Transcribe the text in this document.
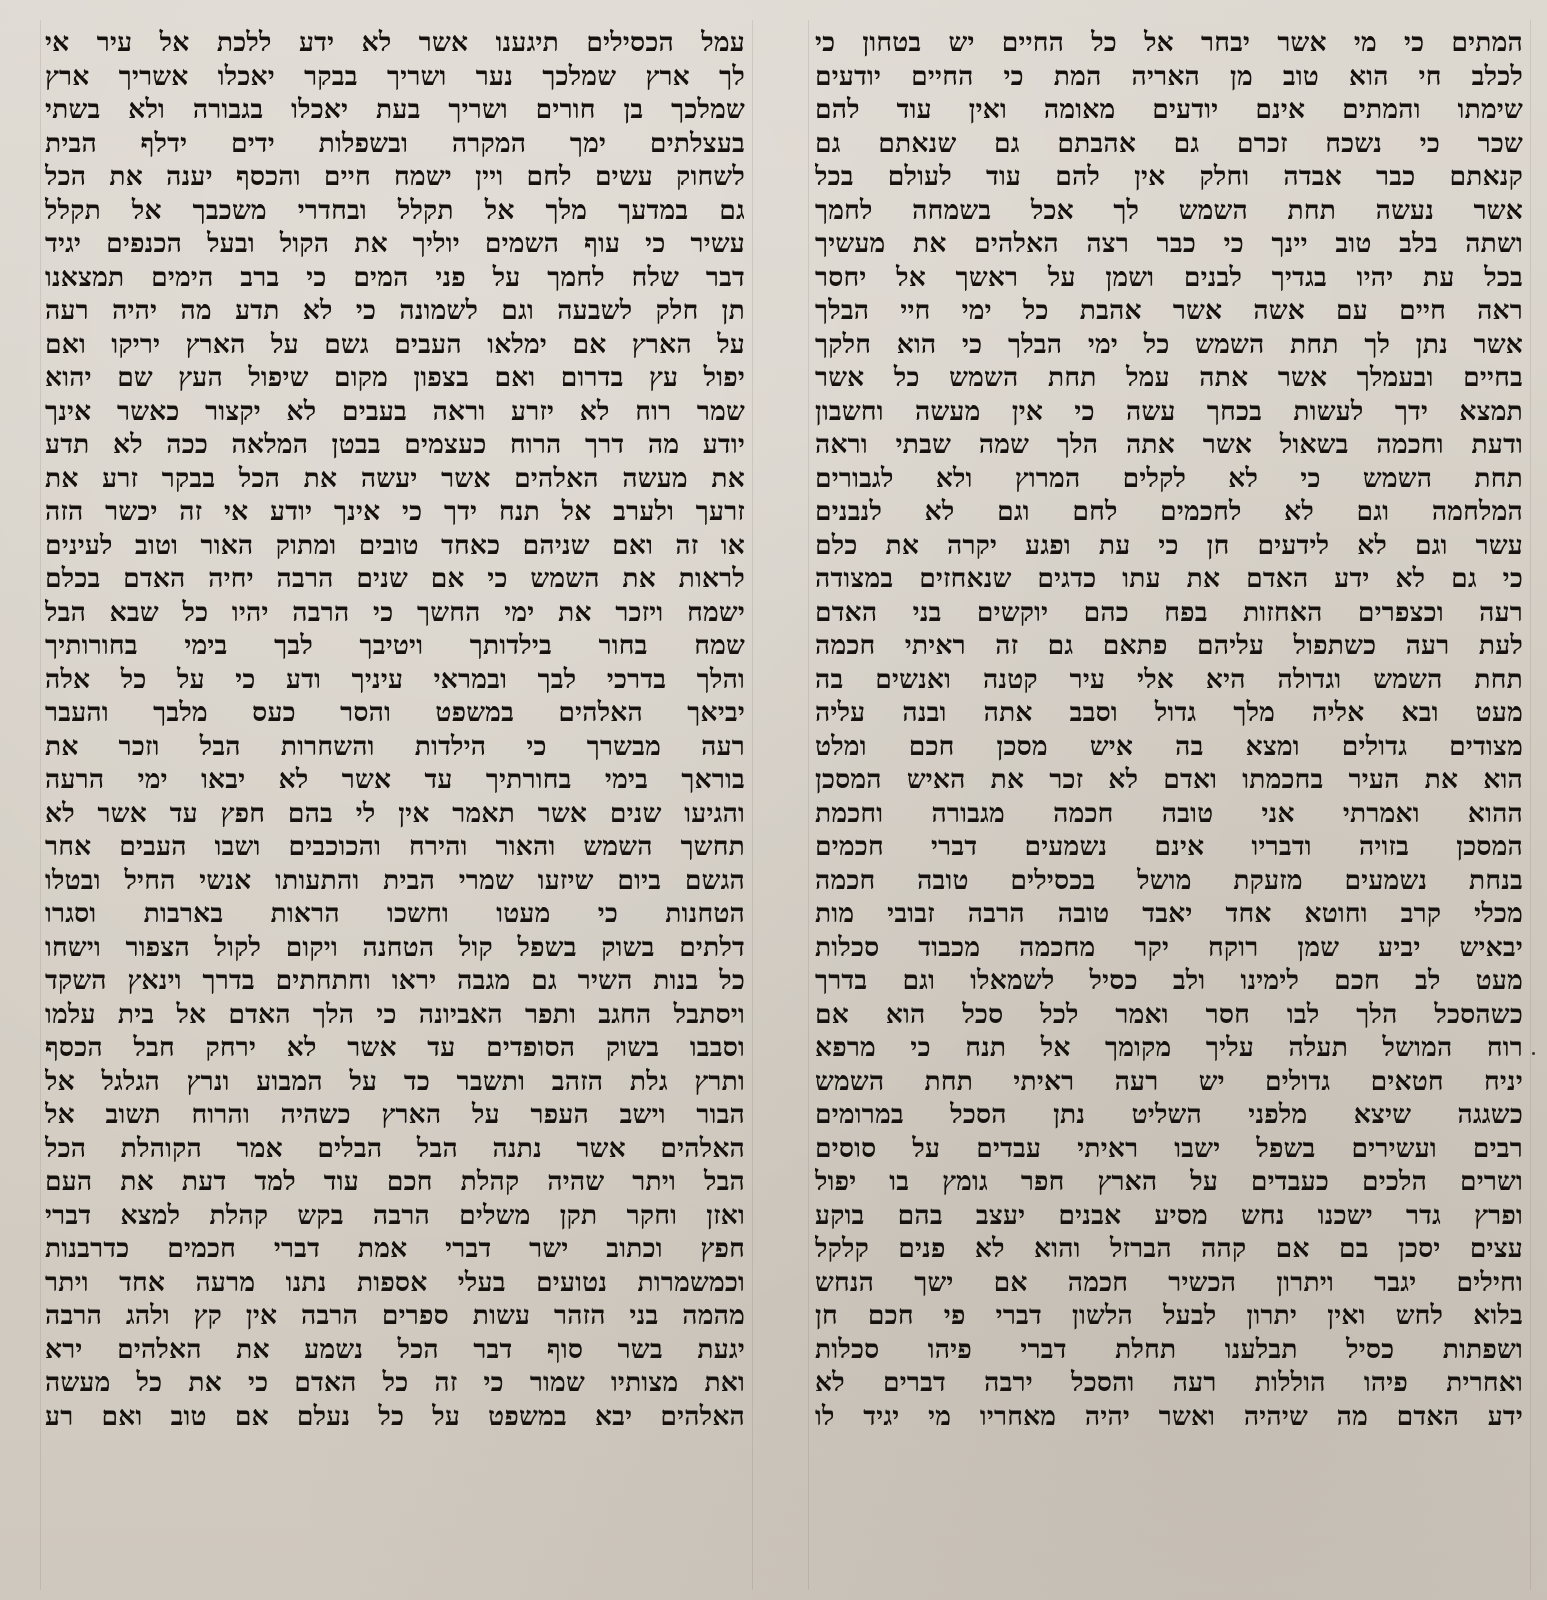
המתים כי מי אשר יבחר אל כל החיים יש בטחון כי
לכלב חי הוא טוב מן האריה המת כי החיים יודעים
שימתו והמתים אינם יודעים מאומה ואין עוד להם
שכר כי נשכח זכרם גם אהבתם גם שנאתם גם
קנאתם כבר אבדה וחלק אין להם עוד לעולם בכל
אשר נעשה תחת השמש לך אכל בשמחה לחמך
ושתה בלב טוב יינך כי כבר רצה האלהים את מעשיך
בכל עת יהיו בגדיך לבנים ושמן על ראשך אל יחסר
ראה חיים עם אשה אשר אהבת כל ימי חיי הבלך
אשר נתן לך תחת השמש כל ימי הבלך כי הוא חלקך
בחיים ובעמלך אשר אתה עמל תחת השמש כל אשר
תמצא ידך לעשות בכחך עשה כי אין מעשה וחשבון
ודעת וחכמה בשאול אשר אתה הלך שמה שבתי וראה
תחת השמש כי לא לקלים המרוץ ולא לגבורים
המלחמה וגם לא לחכמים לחם וגם לא לנבנים
עשר וגם לא לידעים חן כי עת ופגע יקרה את כלם
כי גם לא ידע האדם את עתו כדגים שנאחזים במצודה
רעה וכצפרים האחזות בפח כהם יוקשים בני האדם
לעת רעה כשתפול עליהם פתאם גם זה ראיתי חכמה
תחת השמש וגדולה היא אלי עיר קטנה ואנשים בה
מעט ובא אליה מלך גדול וסבב אתה ובנה עליה
מצודים גדולים ומצא בה איש מסכן חכם ומלט
הוא את העיר בחכמתו ואדם לא זכר את האיש המסכן
ההוא ואמרתי אני טובה חכמה מגבורה וחכמת
המסכן בזויה ודבריו אינם נשמעים דברי חכמים
בנחת נשמעים מזעקת מושל בכסילים טובה חכמה
מכלי קרב וחוטא אחד יאבד טובה הרבה זבובי מות
יבאיש יביע שמן רוקח יקר מחכמה מכבוד סכלות
מעט לב חכם לימינו ולב כסיל לשמאלו וגם בדרך
כשהסכל הלך לבו חסר ואמר לכל סכל הוא אם
רוח המושל תעלה עליך מקומך אל תנח כי מרפא
יניח חטאים גדולים יש רעה ראיתי תחת השמש
כשגגה שיצא מלפני השליט נתן הסכל במרומים
רבים ועשירים בשפל ישבו ראיתי עבדים על סוסים
ושרים הלכים כעבדים על הארץ חפר גומץ בו יפול
ופרץ גדר ישכנו נחש מסיע אבנים יעצב בהם בוקע
עצים יסכן בם אם קהה הברזל והוא לא פנים קלקל
וחילים יגבר ויתרון הכשיר חכמה אם ישך הנחש
בלוא לחש ואין יתרון לבעל הלשון דברי פי חכם חן
ושפתות כסיל תבלענו תחלת דברי פיהו סכלות
ואחרית פיהו הוללות רעה והסכל ירבה דברים לא
ידע האדם מה שיהיה ואשר יהיה מאחריו מי יגיד לו
עמל הכסילים תיגענו אשר לא ידע ללכת אל עיר אי
לך ארץ שמלכך נער ושריך בבקר יאכלו אשריך ארץ
שמלכך בן חורים ושריך בעת יאכלו בגבורה ולא בשתי
בעצלתים ימך המקרה ובשפלות ידים ידלף הבית
לשחוק עשים לחם ויין ישמח חיים והכסף יענה את הכל
גם במדעך מלך אל תקלל ובחדרי משכבך אל תקלל
עשיר כי עוף השמים יוליך את הקול ובעל הכנפים יגיד
דבר שלח לחמך על פני המים כי ברב הימים תמצאנו
תן חלק לשבעה וגם לשמונה כי לא תדע מה יהיה רעה
על הארץ אם ימלאו העבים גשם על הארץ יריקו ואם
יפול עץ בדרום ואם בצפון מקום שיפול העץ שם יהוא
שמר רוח לא יזרע וראה בעבים לא יקצור כאשר אינך
יודע מה דרך הרוח כעצמים בבטן המלאה ככה לא תדע
את מעשה האלהים אשר יעשה את הכל בבקר זרע את
זרעך ולערב אל תנח ידך כי אינך יודע אי זה יכשר הזה
או זה ואם שניהם כאחד טובים ומתוק האור וטוב לעינים
לראות את השמש כי אם שנים הרבה יחיה האדם בכלם
ישמח ויזכר את ימי החשך כי הרבה יהיו כל שבא הבל
שמח בחור בילדותך ויטיבך לבך בימי בחורותיך
והלך בדרכי לבך ובמראי עיניך ודע כי על כל אלה
יביאך האלהים במשפט והסר כעס מלבך והעבר
רעה מבשרך כי הילדות והשחרות הבל וזכר את
בוראך בימי בחורתיך עד אשר לא יבאו ימי הרעה
והגיעו שנים אשר תאמר אין לי בהם חפץ עד אשר לא
תחשך השמש והאור והירח והכוכבים ושבו העבים אחר
הגשם ביום שיזעו שמרי הבית והתעותו אנשי החיל ובטלו
הטחנות כי מעטו וחשכו הראות בארבות וסגרו
דלתים בשוק בשפל קול הטחנה ויקום לקול הצפור וישחו
כל בנות השיר גם מגבה יראו וחתחתים בדרך וינאץ השקד
ויסתבל החגב ותפר האביונה כי הלך האדם אל בית עלמו
וסבבו בשוק הסופדים עד אשר לא ירחק חבל הכסף
ותרץ גלת הזהב ותשבר כד על המבוע ונרץ הגלגל אל
הבור וישב העפר על הארץ כשהיה והרוח תשוב אל
האלהים אשר נתנה הבל הבלים אמר הקוהלת הכל
הבל ויתר שהיה קהלת חכם עוד למד דעת את העם
ואזן וחקר תקן משלים הרבה בקש קהלת למצא דברי
חפץ וכתוב ישר דברי אמת דברי חכמים כדרבנות
וכמשמרות נטועים בעלי אספות נתנו מרעה אחד ויתר
מהמה בני הזהר עשות ספרים הרבה אין קץ ולהג הרבה
יגעת בשר סוף דבר הכל נשמע את האלהים ירא
ואת מצותיו שמור כי זה כל האדם כי את כל מעשה
האלהים יבא במשפט על כל נעלם אם טוב ואם רע
